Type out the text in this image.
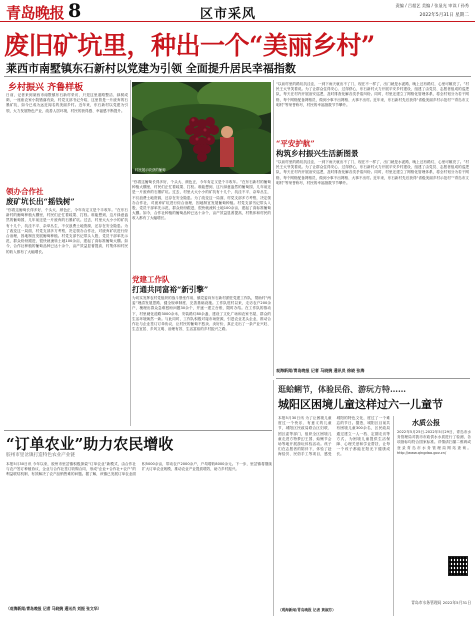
青岛晚报 8	区市采风
责编 / 吕超艺 美编 / 张显光 审读 / 孙秀
2022年5月31日 星期二
废旧矿坑里，种出一个“美丽乡村”
莱西市南墅镇东石新村以党建为引领 全面提升居民幸福指数
乡村振兴 齐鲁样板
日前，记者来到莱西市南墅镇东石新村采访，只见这里道路整洁、绿树成荫，一座座农家小院错落有致，村党支部书记介绍，这里曾是一片废弃的石墨矿坑，如今已成为远近闻名的美丽乡村。近年来，东石新村以党建为引领，大力发展特色产业，改善人居环境，村民的获得感、幸福感不断提升。
村民展示收获的葡萄
“以前村里的路坑坑洼洼，一到下雨天就出不了门，现在不一样了，出门就是水泥路，晚上还有路灯，心里可敞亮了。”村民王大爷笑着说。为了让群众住得安心、过得舒心，东石新村大力开展平安乡村建设，组建了由党员、志愿者组成的巡逻队，每天在村内开展治安巡逻，及时排查化解各类矛盾纠纷。同时，村里还建立了网格化管理体系，将全村划分为若干网格，每个网格配备网格员，做到小事不出网格、大事不出村。近年来，东石新村先后获得“省级美丽乡村示范村”“青岛市文明村”等荣誉称号，村民的幸福指数节节攀升。
“平安护航”
构筑乡村振兴生活新图景
“以前村里的路坑坑洼洼，一到下雨天就出不了门，现在不一样了，出门就是水泥路，晚上还有路灯，心里可敞亮了。”村民王大爷笑着说。为了让群众住得安心、过得舒心，东石新村大力开展平安乡村建设，组建了由党员、志愿者组成的巡逻队，每天在村内开展治安巡逻，及时排查化解各类矛盾纠纷。同时，村里还建立了网格化管理体系，将全村划分为若干网格，每个网格配备网格员，做到小事不出网格、大事不出村。近年来，东石新村先后获得“省级美丽乡村示范村”“青岛市文明村”等荣誉称号，村民的幸福指数节节攀升。
领办合作社
废矿坑长出“摇钱树”
“你看这葡萄长得多好，个头大、颜色正，今年肯定又是个丰收年。”在东石新村的葡萄种植大棚里，村民们正忙着疏果、打杈。谁能想到，这片绿意盎然的葡萄园，几年前还是一片废弃的石墨矿坑。过去，村里大大小小的矿坑有十几个，坑洼不平、杂草丛生，不仅浪费土地资源，还存在安全隐患。为了改变这一局面，村党支部多方考察，决定领办合作社，对废弃矿坑进行综合治理，因地制宜发展葡萄种植。村党支部书记带头入股，党员干部率先示范，群众纷纷跟进，很快就流转土地100余亩，建起了高标准葡萄大棚。如今，合作社种植的葡萄品种已达十余个，亩产效益显著提高，村集体和村民的收入都有了大幅增长。
“你看这葡萄长得多好，个头大、颜色正，今年肯定又是个丰收年。”在东石新村的葡萄种植大棚里，村民们正忙着疏果、打杈。谁能想到，这片绿意盎然的葡萄园，几年前还是一片废弃的石墨矿坑。过去，村里大大小小的矿坑有十几个，坑洼不平、杂草丛生，不仅浪费土地资源，还存在安全隐患。为了改变这一局面，村党支部多方考察，决定领办合作社，对废弃矿坑进行综合治理，因地制宜发展葡萄种植。村党支部书记带头入股，党员干部率先示范，群众纷纷跟进，很快就流转土地100余亩，建起了高标准葡萄大棚。如今，合作社种植的葡萄品种已达十余个，亩产效益显著提高，村集体和村民的收入都有了大幅增长。
党建工作队
打通共同富裕“新引擎”
为切实发挥农村党组织的战斗堡垒作用，镇党委向东石新村派驻党建工作队，帮助村“两委”理清发展思路、健全规章制度、完善基础设施。工作队驻村以来，走访农户200余户，梳理出群众急难愁盼问题30余个，并逐一建立台账、限时办结。在工作队的推动下，村里硬化道路3000余米，安装路灯80余盏，建设了文化广场和农家书屋，群众的生活环境焕然一新。与此同时，工作队积极对接市场资源，引进农业龙头企业，推动合作社与企业签订订单协议，让村民的葡萄不愁卖、卖好价，真正走出了一条产业兴旺、生态宜居、乡风文明、治理有效、生活富裕的乡村振兴之路。
观海新闻/青岛晚报 记者 马晓婉 通讯员 徐晓 张海
“订单农业”助力农民增收
胶州市里岔镇打造特色农业产业链
本报5月30日讯 今年以来，胶州市里岔镇积极探索“订单农业”新模式，由合作社与农户签订种植协议，企业与合作社签订收购合同，形成“企业+合作社+农户”的利益联结机制，有效解决了农产品销售难的问题。据了解，该镇已发展订单农业面积5000余亩，带动农户2000余户，户均增收8000余元。下一步，里岔镇将继续扩大订单农业规模，推动农业产业提质增效，助力乡村振兴。
（观海新闻/青岛晚报 记者 马晓婉 通讯员 刘振 张文华）
逛蛤蜊节，体验民俗、游玩方特……
城阳区困境儿童这样过六一儿童节
本报5月30日讯 为了让困境儿童度过一个快乐、有意义的儿童节，城阳区民政局联合区妇联、团区委等部门，组织全区困境儿童走进方特梦幻王国、蛤蜊节会场等地开展游玩体验活动。孩子们在志愿者的陪伴下，体验了赶海拾贝、民俗手工等项目，感受城阳的特色文化，度过了一个难忘的节日。据悉，城阳区目前共有困境儿童300余名，区民政局通过建立一人一档、定期走访等方式，为困境儿童提供生活保障、心理关爱和学业帮扶，让每一个孩子都能在阳光下健康成长。
（观海新闻/青岛晚报 记者 黄淑芬）
水质公报
2022年5月25日-2022年5月29日，青岛市水务管理局对我市市政供水水质进行了检测，各项指标均符合国家标准。详情请扫描二维码或登录青岛市水务管理局网站查询。http://www.qingdao.gov.cn/
青岛市水务管理局 2022年5月31日
